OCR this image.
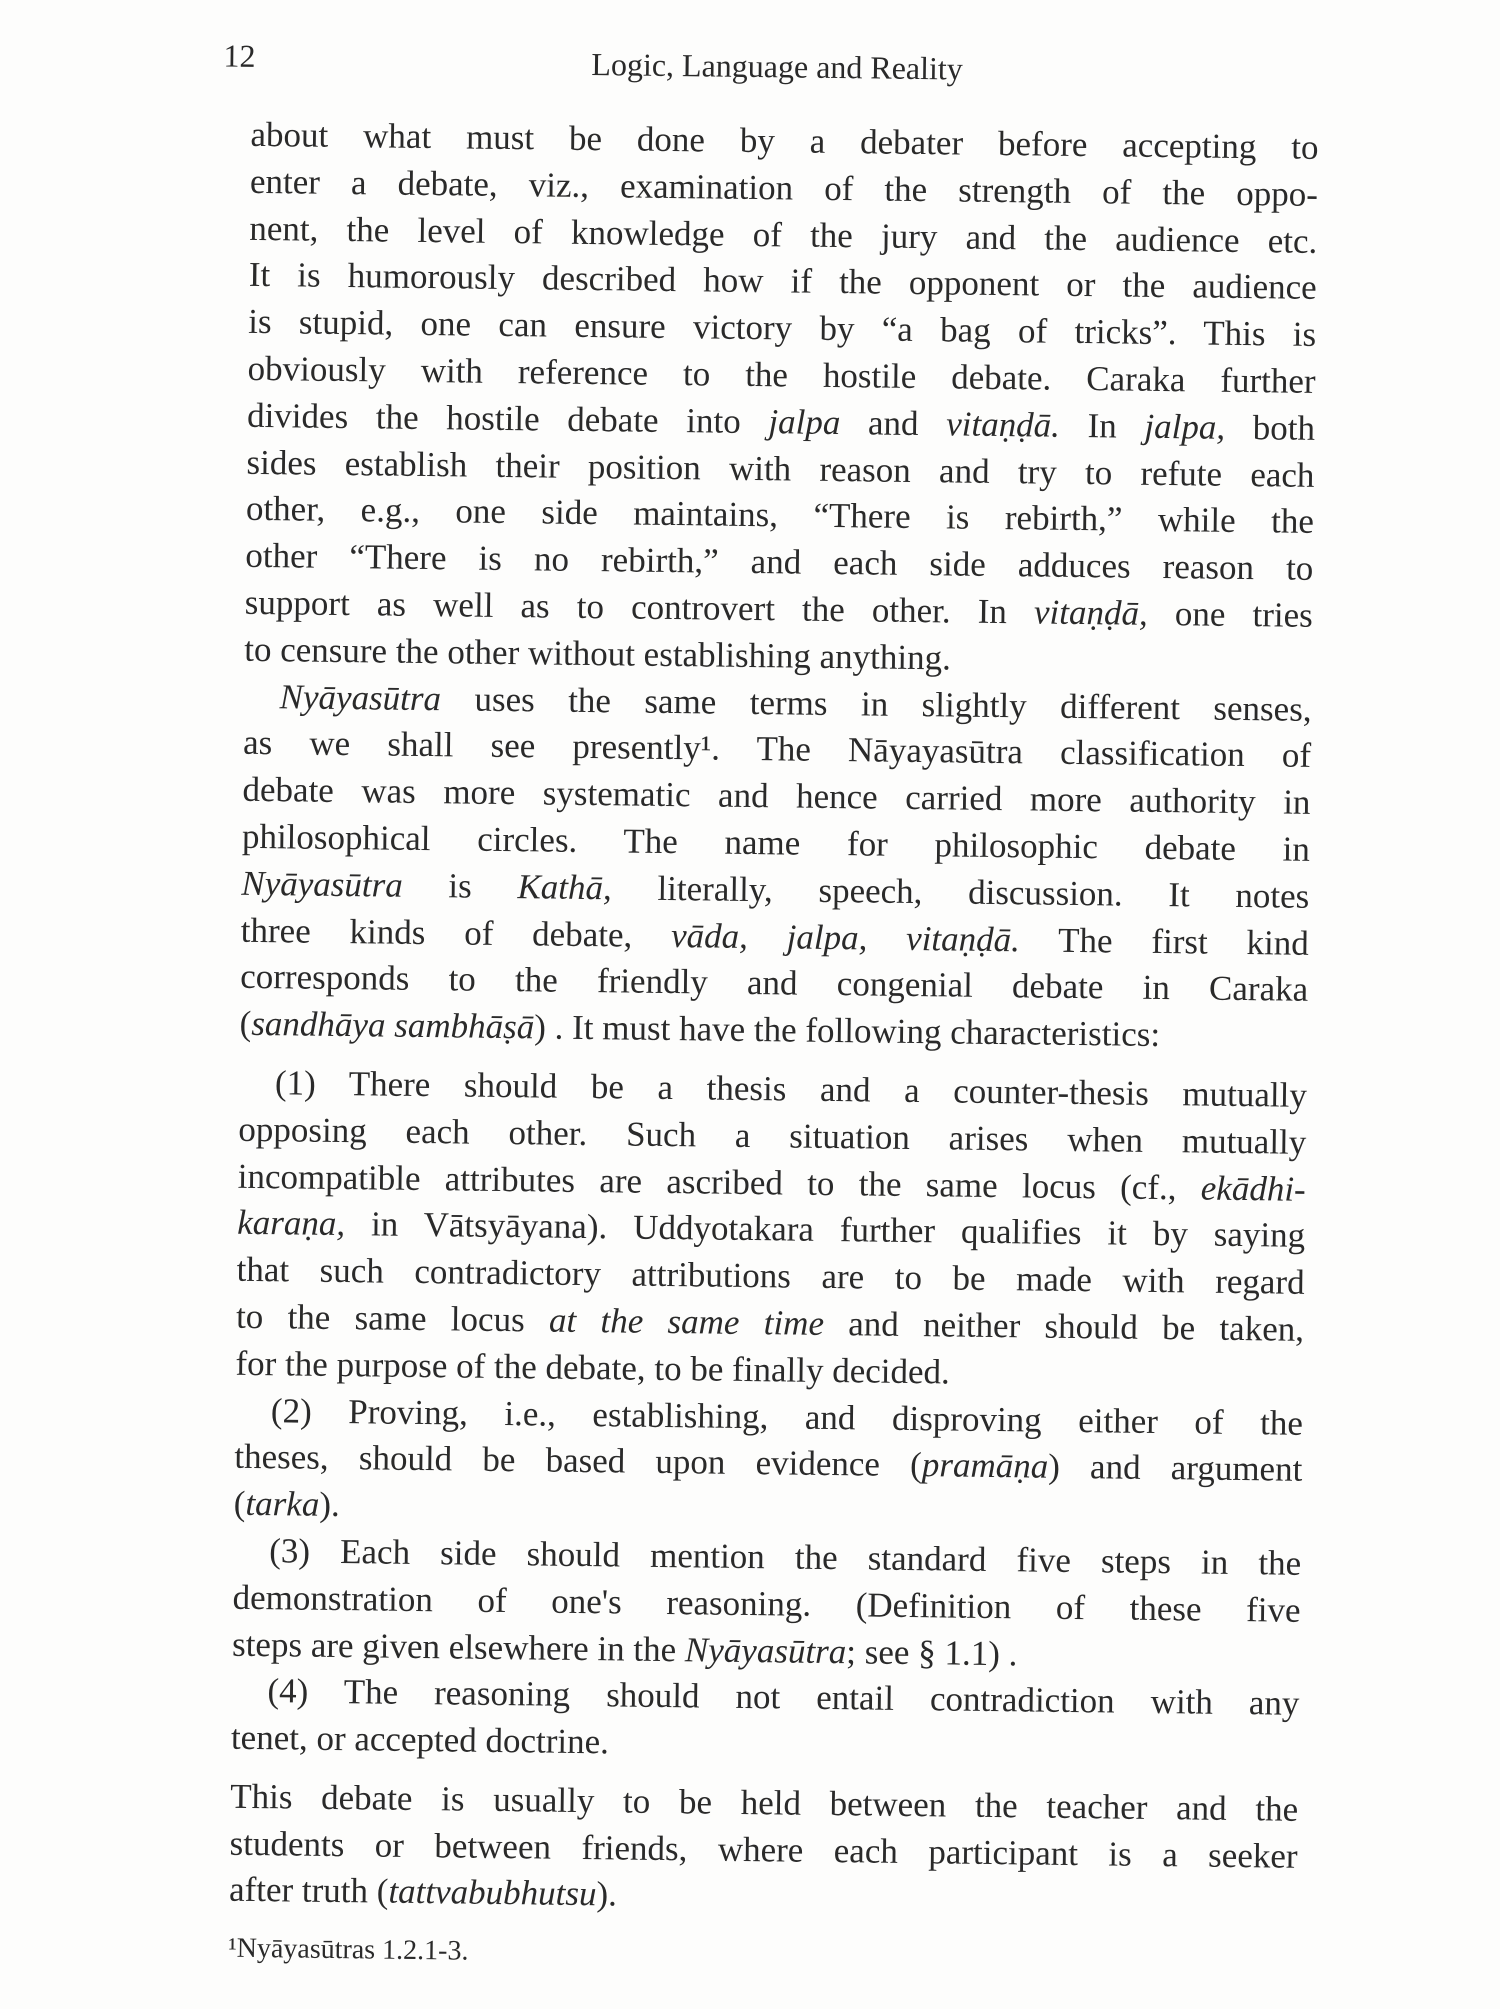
12	Logic, Language and Reality
about what must be done by a debater before accepting to
enter a debate, viz., examination of the strength of the oppo-
nent, the level of knowledge of the jury and the audience etc.
It is humorously described how if the opponent or the audience
is stupid, one can ensure victory by “a bag of tricks”. This is
obviously with reference to the hostile debate. Caraka further
divides the hostile debate into jalpa and vitaṇḍā. In jalpa, both
sides establish their position with reason and try to refute each
other, e.g., one side maintains, “There is rebirth,” while the
other “There is no rebirth,” and each side adduces reason to
support as well as to controvert the other. In vitaṇḍā, one tries
to censure the other without establishing anything.
Nyāyasūtra uses the same terms in slightly different senses,
as we shall see presently¹. The Nāyayasūtra classification of
debate was more systematic and hence carried more authority in
philosophical circles. The name for philosophic debate in
Nyāyasūtra is Kathā, literally, speech, discussion. It notes
three kinds of debate, vāda, jalpa, vitaṇḍā. The first kind
corresponds to the friendly and congenial debate in Caraka
(sandhāya sambhāṣā) . It must have the following characteristics:
(1) There should be a thesis and a counter-thesis mutually
opposing each other. Such a situation arises when mutually
incompatible attributes are ascribed to the same locus (cf., ekādhi-
karaṇa, in Vātsyāyana). Uddyotakara further qualifies it by saying
that such contradictory attributions are to be made with regard
to the same locus at the same time and neither should be taken,
for the purpose of the debate, to be finally decided.
(2) Proving, i.e., establishing, and disproving either of the
theses, should be based upon evidence (pramāṇa) and argument
(tarka).
(3) Each side should mention the standard five steps in the
demonstration of one's reasoning. (Definition of these five
steps are given elsewhere in the Nyāyasūtra; see § 1.1) .
(4) The reasoning should not entail contradiction with any
tenet, or accepted doctrine.
This debate is usually to be held between the teacher and the
students or between friends, where each participant is a seeker
after truth (tattvabubhutsu).
¹Nyāyasūtras 1.2.1-3.
